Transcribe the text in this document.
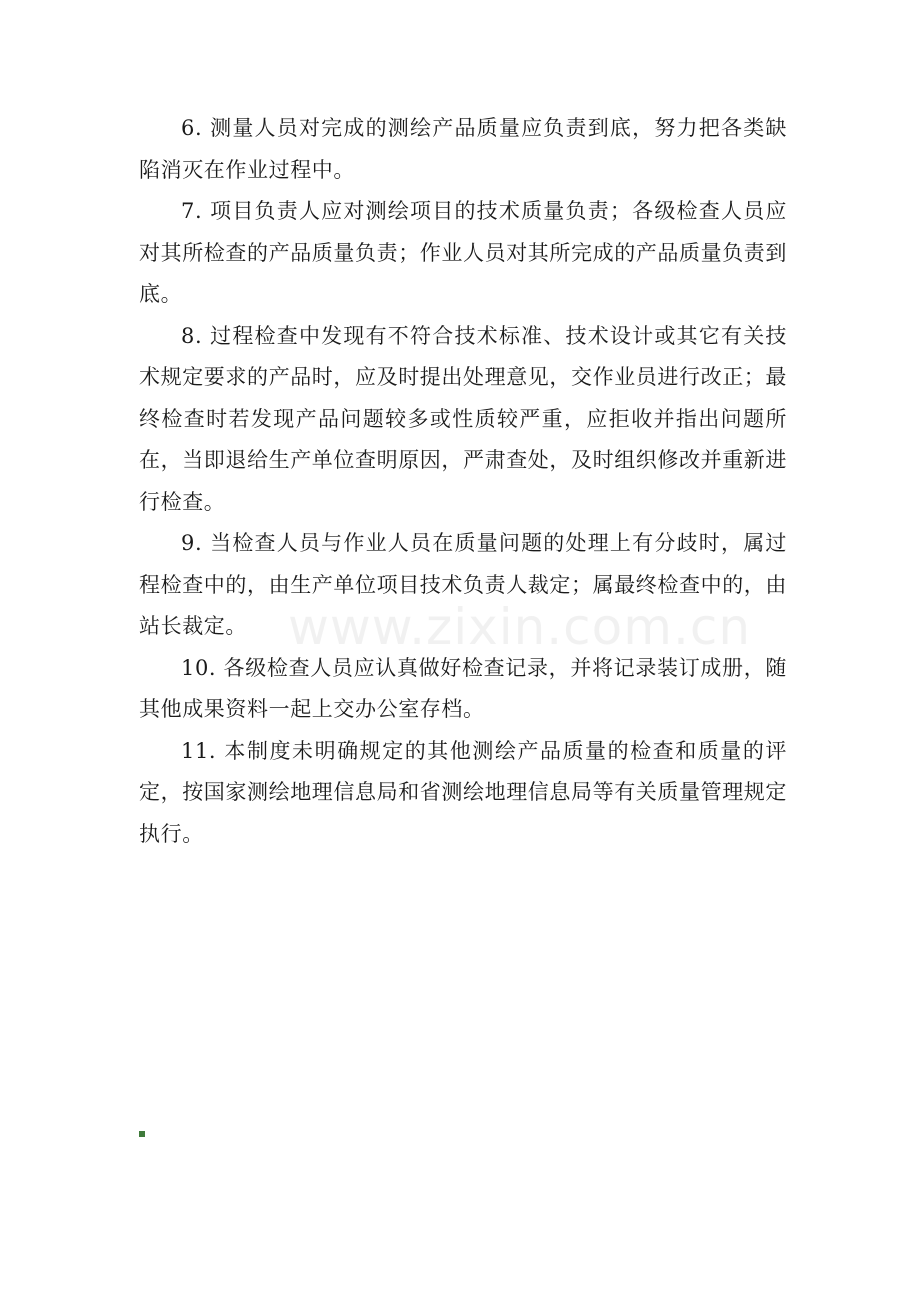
6. 测量人员对完成的测绘产品质量应负责到底，努力把各类缺陷消灭在作业过程中。

7. 项目负责人应对测绘项目的技术质量负责；各级检查人员应对其所检查的产品质量负责；作业人员对其所完成的产品质量负责到底。

8. 过程检查中发现有不符合技术标准、技术设计或其它有关技术规定要求的产品时，应及时提出处理意见，交作业员进行改正；最终检查时若发现产品问题较多或性质较严重，应拒收并指出问题所在，当即退给生产单位查明原因，严肃查处，及时组织修改并重新进行检查。

9. 当检查人员与作业人员在质量问题的处理上有分歧时，属过程检查中的，由生产单位项目技术负责人裁定；属最终检查中的，由站长裁定。

10. 各级检查人员应认真做好检查记录，并将记录装订成册，随其他成果资料一起上交办公室存档。

11. 本制度未明确规定的其他测绘产品质量的检查和质量的评定，按国家测绘地理信息局和省测绘地理信息局等有关质量管理规定执行。

www.zixin.com.cn
